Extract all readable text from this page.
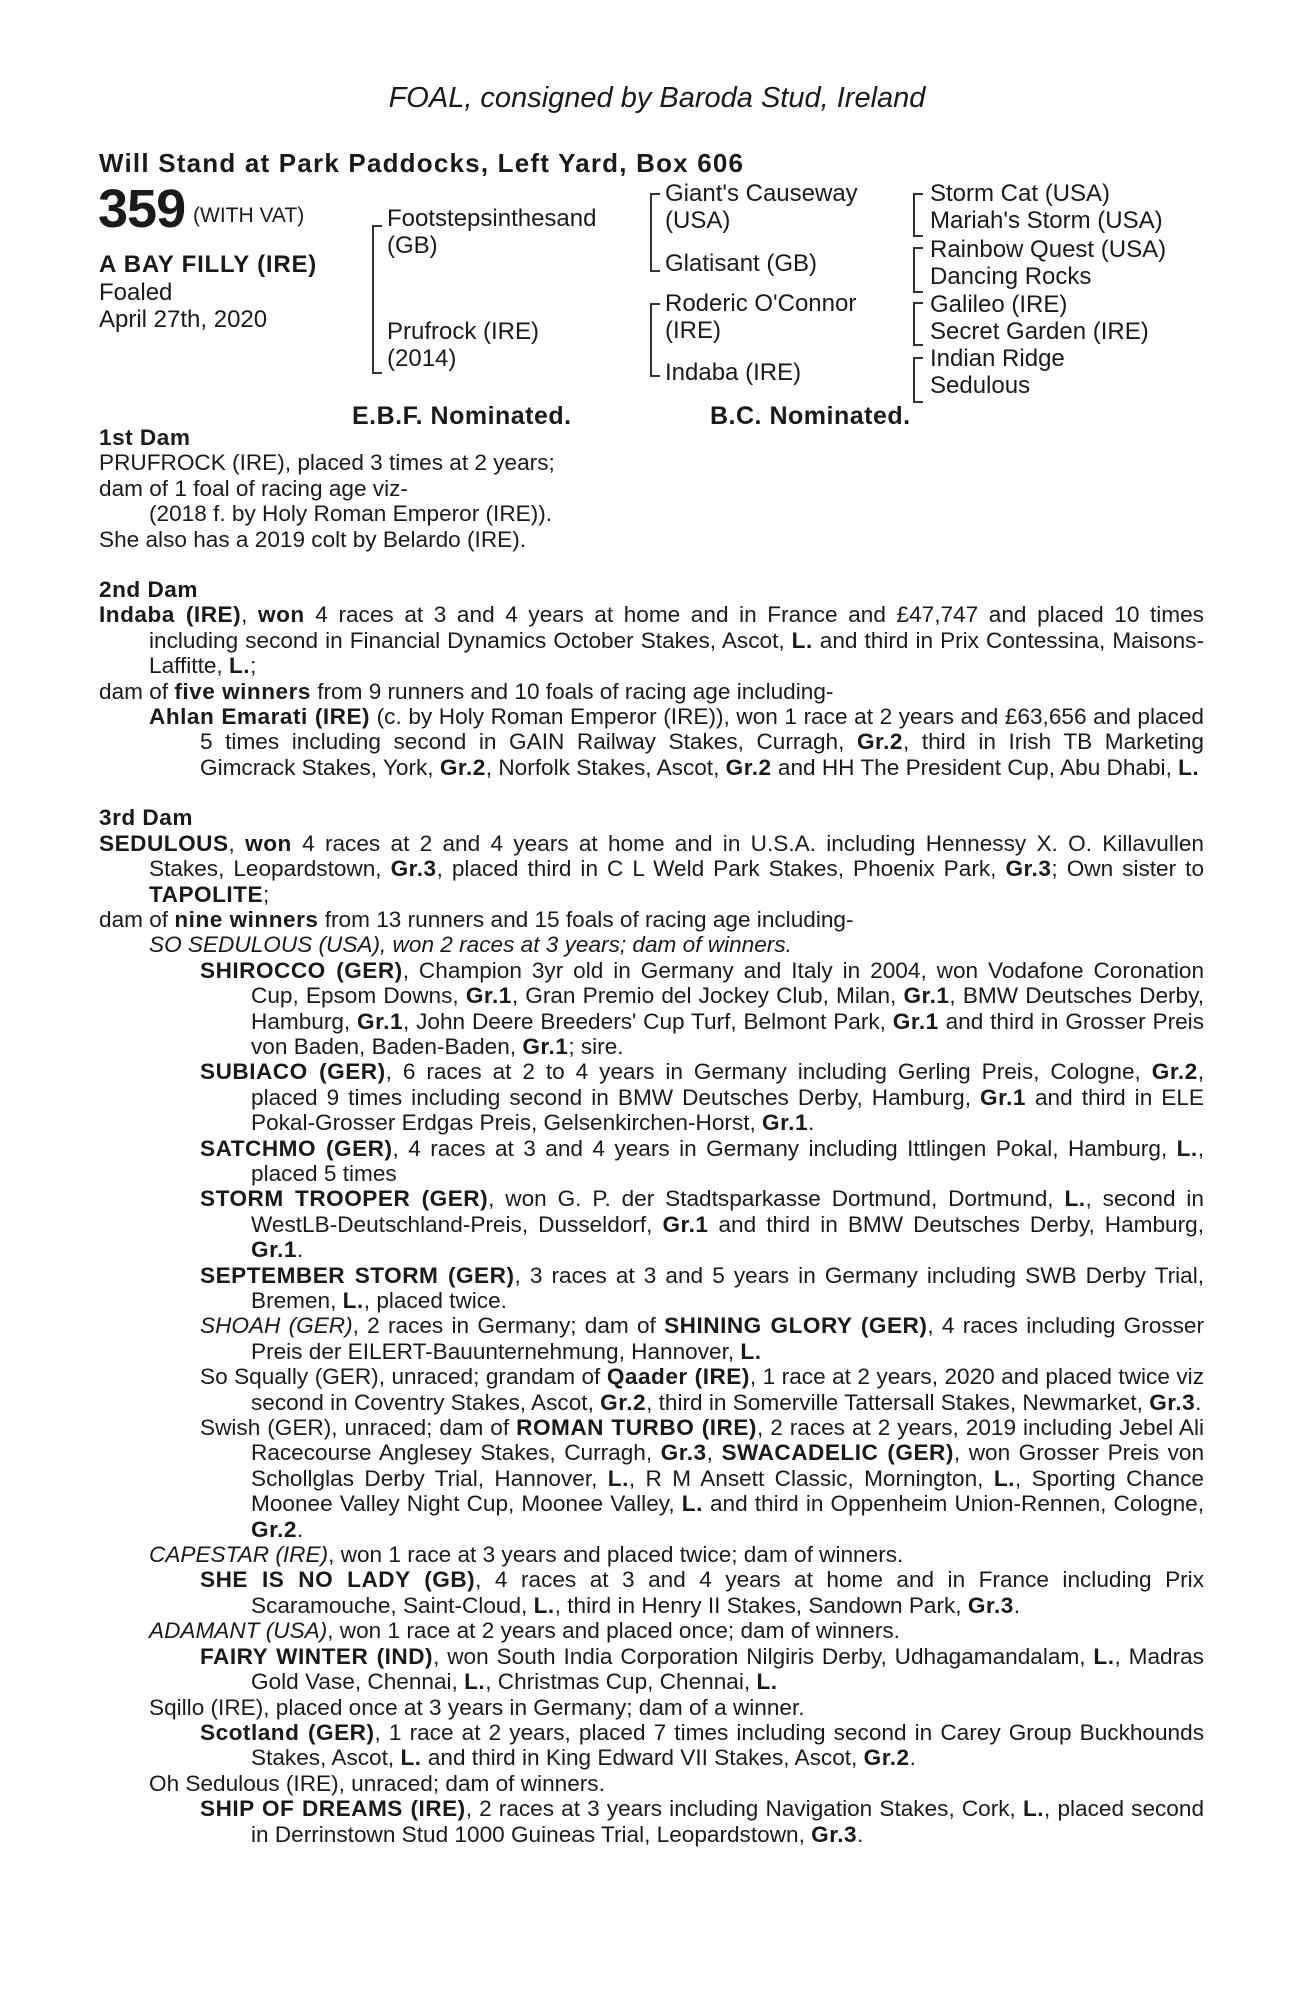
FOAL, consigned by Baroda Stud, Ireland
Will Stand at Park Paddocks, Left Yard, Box 606
359 (WITH VAT)
A BAY FILLY (IRE)
Foaled
April 27th, 2020
Footstepsinthesand
(GB)
Prufrock (IRE)
(2014)
Giant's Causeway
(USA)
Glatisant (GB)
Roderic O'Connor
(IRE)
Indaba (IRE)
Storm Cat (USA)
Mariah's Storm (USA)
Rainbow Quest (USA)
Dancing Rocks
Galileo (IRE)
Secret Garden (IRE)
Indian Ridge
Sedulous
E.B.F. Nominated.	B.C. Nominated.
1st Dam
PRUFROCK (IRE), placed 3 times at 2 years;
dam of 1 foal of racing age viz-
(2018 f. by Holy Roman Emperor (IRE)).
She also has a 2019 colt by Belardo (IRE).
2nd Dam
Indaba (IRE), won 4 races at 3 and 4 years at home and in France and £47,747 and placed 10 times including second in Financial Dynamics October Stakes, Ascot, L. and third in Prix Contessina, Maisons-Laffitte, L.;
dam of five winners from 9 runners and 10 foals of racing age including-
Ahlan Emarati (IRE) (c. by Holy Roman Emperor (IRE)), won 1 race at 2 years and £63,656 and placed 5 times including second in GAIN Railway Stakes, Curragh, Gr.2, third in Irish TB Marketing Gimcrack Stakes, York, Gr.2, Norfolk Stakes, Ascot, Gr.2 and HH The President Cup, Abu Dhabi, L.
3rd Dam
SEDULOUS, won 4 races at 2 and 4 years at home and in U.S.A. including Hennessy X. O. Killavullen Stakes, Leopardstown, Gr.3, placed third in C L Weld Park Stakes, Phoenix Park, Gr.3; Own sister to TAPOLITE;
dam of nine winners from 13 runners and 15 foals of racing age including-
SO SEDULOUS (USA), won 2 races at 3 years; dam of winners.
SHIROCCO (GER), Champion 3yr old in Germany and Italy in 2004, won Vodafone Coronation Cup, Epsom Downs, Gr.1, Gran Premio del Jockey Club, Milan, Gr.1, BMW Deutsches Derby, Hamburg, Gr.1, John Deere Breeders' Cup Turf, Belmont Park, Gr.1 and third in Grosser Preis von Baden, Baden-Baden, Gr.1; sire.
SUBIACO (GER), 6 races at 2 to 4 years in Germany including Gerling Preis, Cologne, Gr.2, placed 9 times including second in BMW Deutsches Derby, Hamburg, Gr.1 and third in ELE Pokal-Grosser Erdgas Preis, Gelsenkirchen-Horst, Gr.1.
SATCHMO (GER), 4 races at 3 and 4 years in Germany including Ittlingen Pokal, Hamburg, L., placed 5 times
STORM TROOPER (GER), won G. P. der Stadtsparkasse Dortmund, Dortmund, L., second in WestLB-Deutschland-Preis, Dusseldorf, Gr.1 and third in BMW Deutsches Derby, Hamburg, Gr.1.
SEPTEMBER STORM (GER), 3 races at 3 and 5 years in Germany including SWB Derby Trial, Bremen, L., placed twice.
SHOAH (GER), 2 races in Germany; dam of SHINING GLORY (GER), 4 races including Grosser Preis der EILERT-Bauunternehmung, Hannover, L.
So Squally (GER), unraced; grandam of Qaader (IRE), 1 race at 2 years, 2020 and placed twice viz second in Coventry Stakes, Ascot, Gr.2, third in Somerville Tattersall Stakes, Newmarket, Gr.3.
Swish (GER), unraced; dam of ROMAN TURBO (IRE), 2 races at 2 years, 2019 including Jebel Ali Racecourse Anglesey Stakes, Curragh, Gr.3, SWACADELIC (GER), won Grosser Preis von Schollglas Derby Trial, Hannover, L., R M Ansett Classic, Mornington, L., Sporting Chance Moonee Valley Night Cup, Moonee Valley, L. and third in Oppenheim Union-Rennen, Cologne, Gr.2.
CAPESTAR (IRE), won 1 race at 3 years and placed twice; dam of winners.
SHE IS NO LADY (GB), 4 races at 3 and 4 years at home and in France including Prix Scaramouche, Saint-Cloud, L., third in Henry II Stakes, Sandown Park, Gr.3.
ADAMANT (USA), won 1 race at 2 years and placed once; dam of winners.
FAIRY WINTER (IND), won South India Corporation Nilgiris Derby, Udhagamandalam, L., Madras Gold Vase, Chennai, L., Christmas Cup, Chennai, L.
Sqillo (IRE), placed once at 3 years in Germany; dam of a winner.
Scotland (GER), 1 race at 2 years, placed 7 times including second in Carey Group Buckhounds Stakes, Ascot, L. and third in King Edward VII Stakes, Ascot, Gr.2.
Oh Sedulous (IRE), unraced; dam of winners.
SHIP OF DREAMS (IRE), 2 races at 3 years including Navigation Stakes, Cork, L., placed second in Derrinstown Stud 1000 Guineas Trial, Leopardstown, Gr.3.
